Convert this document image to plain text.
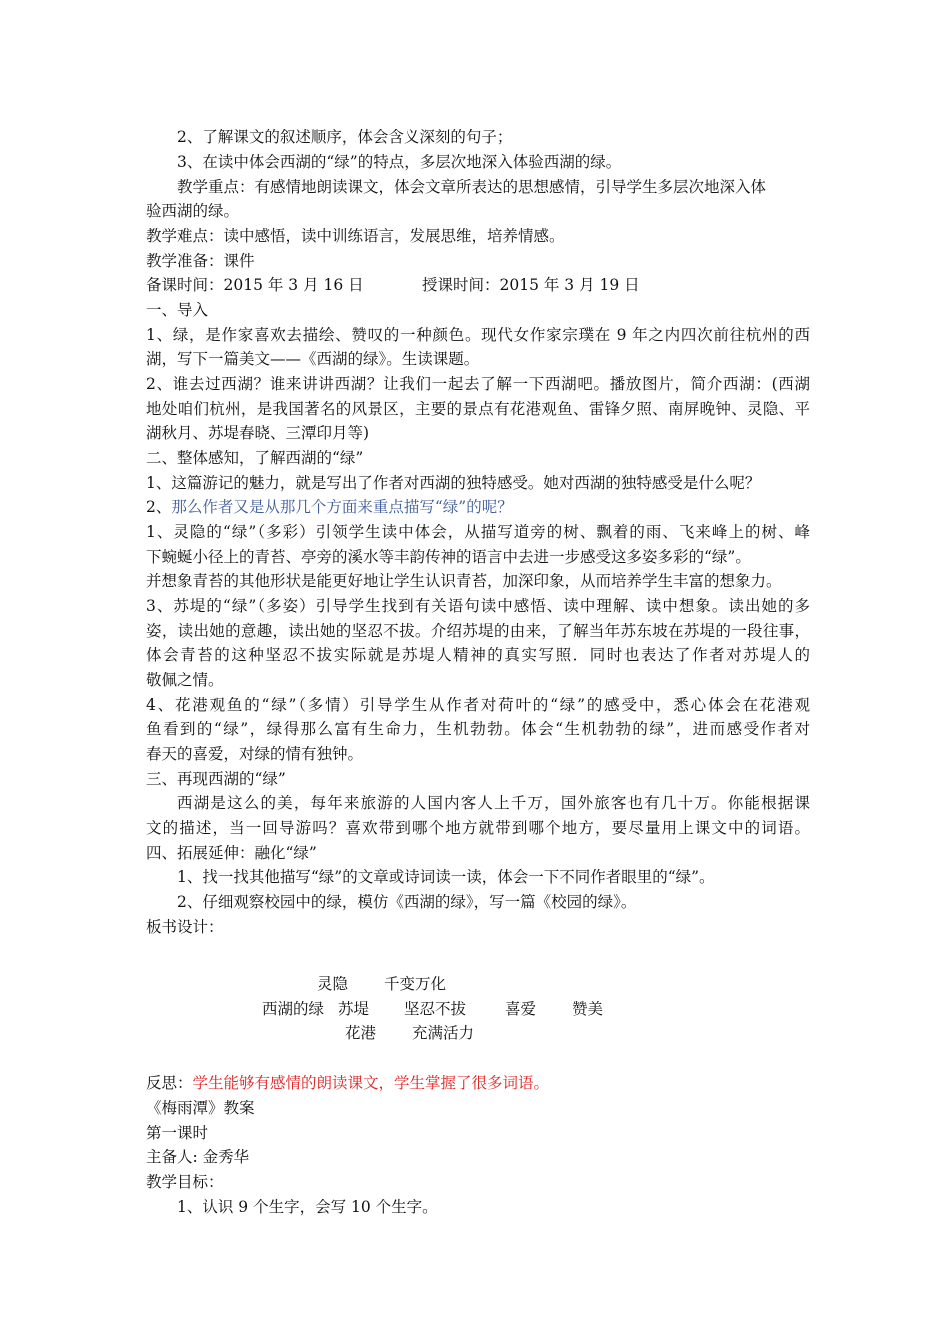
2、了解课文的叙述顺序，体会含义深刻的句子；
3、在读中体会西湖的“绿”的特点，多层次地深入体验西湖的绿。
教学重点：有感情地朗读课文，体会文章所表达的思想感情，引导学生多层次地深入体
验西湖的绿。
教学难点：读中感悟，读中训练语言，发展思维，培养情感。
教学准备：课件
备课时间：2015 年 3 月 16 日	授课时间：2015 年 3 月 19 日
一、导入
1、绿，是作家喜欢去描绘、赞叹的一种颜色。现代女作家宗璞在 9 年之内四次前往杭州的西
湖，写下一篇美文——《西湖的绿》。生读课题。
2、谁去过西湖？谁来讲讲西湖？让我们一起去了解一下西湖吧。播放图片，简介西湖：(西湖
地处咱们杭州，是我国著名的风景区，主要的景点有花港观鱼、雷锋夕照、南屏晚钟、灵隐、平
湖秋月、苏堤春晓、三潭印月等)
二、整体感知，了解西湖的“绿”
1、这篇游记的魅力，就是写出了作者对西湖的独特感受。她对西湖的独特感受是什么呢？
2、那么作者又是从那几个方面来重点描写“绿”的呢？
1、灵隐的“绿”（多彩）引领学生读中体会，从描写道旁的树、飘着的雨、飞来峰上的树、峰
下蜿蜒小径上的青苔、亭旁的溪水等丰韵传神的语言中去进一步感受这多姿多彩的“绿”。
并想象青苔的其他形状是能更好地让学生认识青苔，加深印象，从而培养学生丰富的想象力。
3、苏堤的“绿”（多姿）引导学生找到有关语句读中感悟、读中理解、读中想象。读出她的多
姿，读出她的意趣，读出她的坚忍不拔。介绍苏堤的由来，了解当年苏东坡在苏堤的一段往事，
体会青苔的这种坚忍不拔实际就是苏堤人精神的真实写照．同时也表达了作者对苏堤人的
敬佩之情。
4、花港观鱼的“绿”（多情）引导学生从作者对荷叶的“绿”的感受中，悉心体会在花港观
鱼看到的“绿”，绿得那么富有生命力，生机勃勃。体会“生机勃勃的绿”，进而感受作者对
春天的喜爱，对绿的情有独钟。
三、再现西湖的“绿”
西湖是这么的美，每年来旅游的人国内客人上千万，国外旅客也有几十万。你能根据课
文的描述，当一回导游吗？喜欢带到哪个地方就带到哪个地方，要尽量用上课文中的词语。
四、拓展延伸：融化“绿”
1、找一找其他描写“绿”的文章或诗词读一读，体会一下不同作者眼里的“绿”。
2、仔细观察校园中的绿，模仿《西湖的绿》，写一篇《校园的绿》。
板书设计：
灵隐 千变万化
西湖的绿 苏堤 坚忍不拔	喜爱 赞美
花港 充满活力
反思：学生能够有感情的朗读课文，学生掌握了很多词语。
《梅雨潭》教案
第一课时
主备人: 金秀华
教学目标：
1、认识 9 个生字，会写 10 个生字。
